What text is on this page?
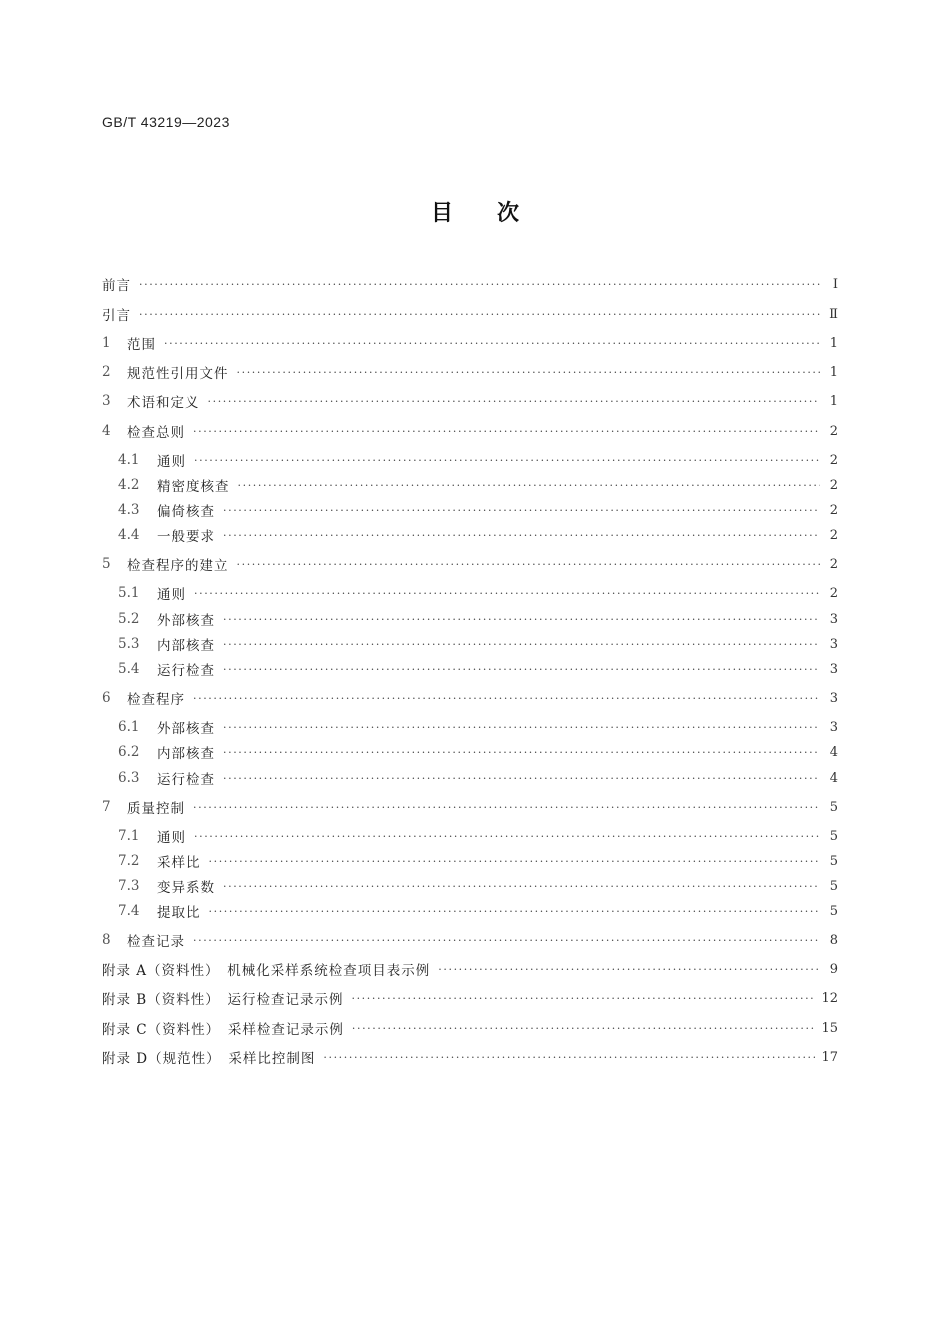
GB/T 43219—2023
目次
前言 ·····	Ⅰ
引言 ·····	Ⅱ
1	范围 ·····	1
2	规范性引用文件 ·····	1
3	术语和定义 ·····	1
4	检查总则 ·····	2
4.1	通则 ·····	2
4.2	精密度核查 ·····	2
4.3	偏倚核查 ·····	2
4.4	一般要求 ·····	2
5	检查程序的建立 ·····	2
5.1	通则 ·····	2
5.2	外部核查 ·····	3
5.3	内部核查 ·····	3
5.4	运行检查 ·····	3
6	检查程序 ·····	3
6.1	外部核查 ·····	3
6.2	内部核查 ·····	4
6.3	运行检查 ·····	4
7	质量控制 ·····	5
7.1	通则 ·····	5
7.2	采样比 ·····	5
7.3	变异系数 ·····	5
7.4	提取比 ·····	5
8	检查记录 ·····	8
附录 A（资料性）　机械化采样系统检查项目表示例 ·····	9
附录 B（资料性）　运行检查记录示例 ·····	12
附录 C（资料性）　采样检查记录示例 ·····	15
附录 D（规范性）　采样比控制图 ·····	17
